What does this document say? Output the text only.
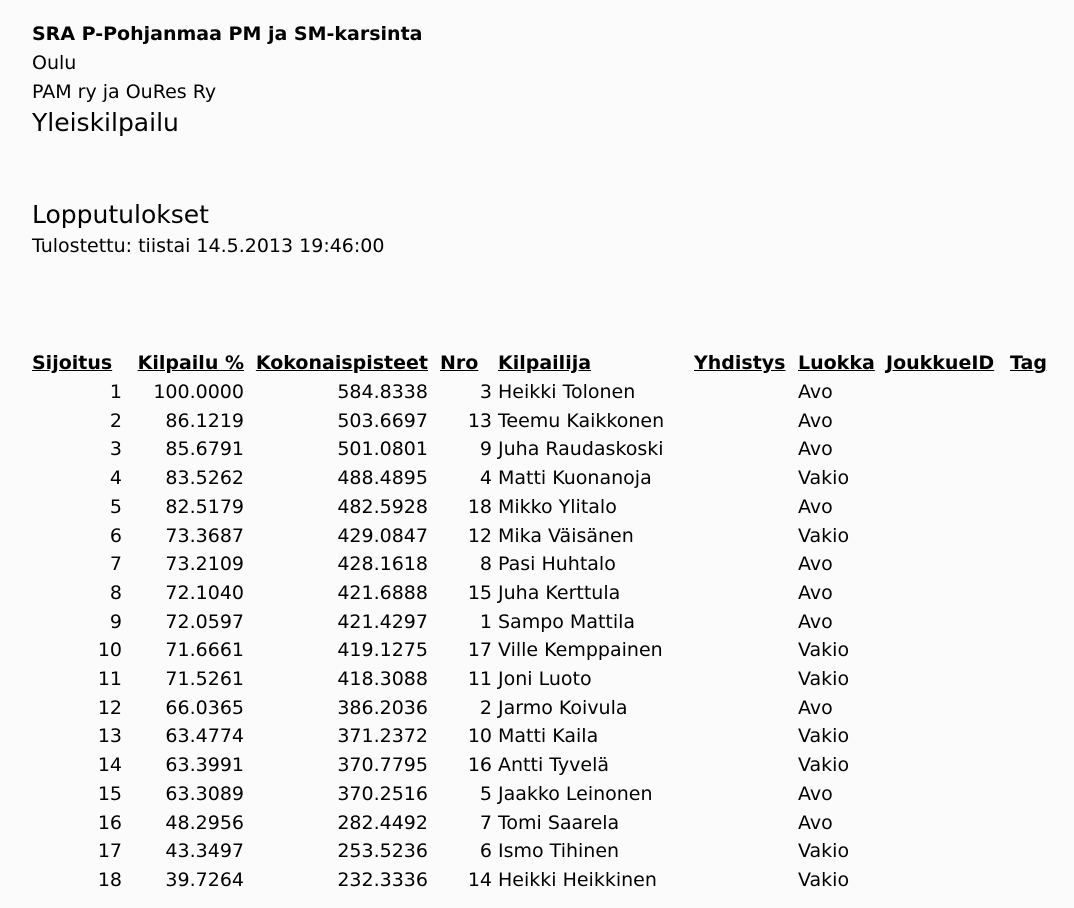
SRA P-Pohjanmaa PM ja SM-karsinta
Oulu
PAM ry ja OuRes Ry
Yleiskilpailu
Lopputulokset
Tulostettu: tiistai 14.5.2013 19:46:00
Sijoitus	Kilpailu %	Kokonaispisteet	Nro	Kilpailija	Yhdistys	Luokka	JoukkueID	Tag
1	100.0000	584.8338	3	Heikki Tolonen		Avo		
2	86.1219	503.6697	13	Teemu Kaikkonen		Avo		
3	85.6791	501.0801	9	Juha Raudaskoski		Avo		
4	83.5262	488.4895	4	Matti Kuonanoja		Vakio		
5	82.5179	482.5928	18	Mikko Ylitalo		Avo		
6	73.3687	429.0847	12	Mika Väisänen		Vakio		
7	73.2109	428.1618	8	Pasi Huhtalo		Avo		
8	72.1040	421.6888	15	Juha Kerttula		Avo		
9	72.0597	421.4297	1	Sampo Mattila		Avo		
10	71.6661	419.1275	17	Ville Kemppainen		Vakio		
11	71.5261	418.3088	11	Joni Luoto		Vakio		
12	66.0365	386.2036	2	Jarmo Koivula		Avo		
13	63.4774	371.2372	10	Matti Kaila		Vakio		
14	63.3991	370.7795	16	Antti Tyvelä		Vakio		
15	63.3089	370.2516	5	Jaakko Leinonen		Avo		
16	48.2956	282.4492	7	Tomi Saarela		Avo		
17	43.3497	253.5236	6	Ismo Tihinen		Vakio		
18	39.7264	232.3336	14	Heikki Heikkinen		Vakio		
